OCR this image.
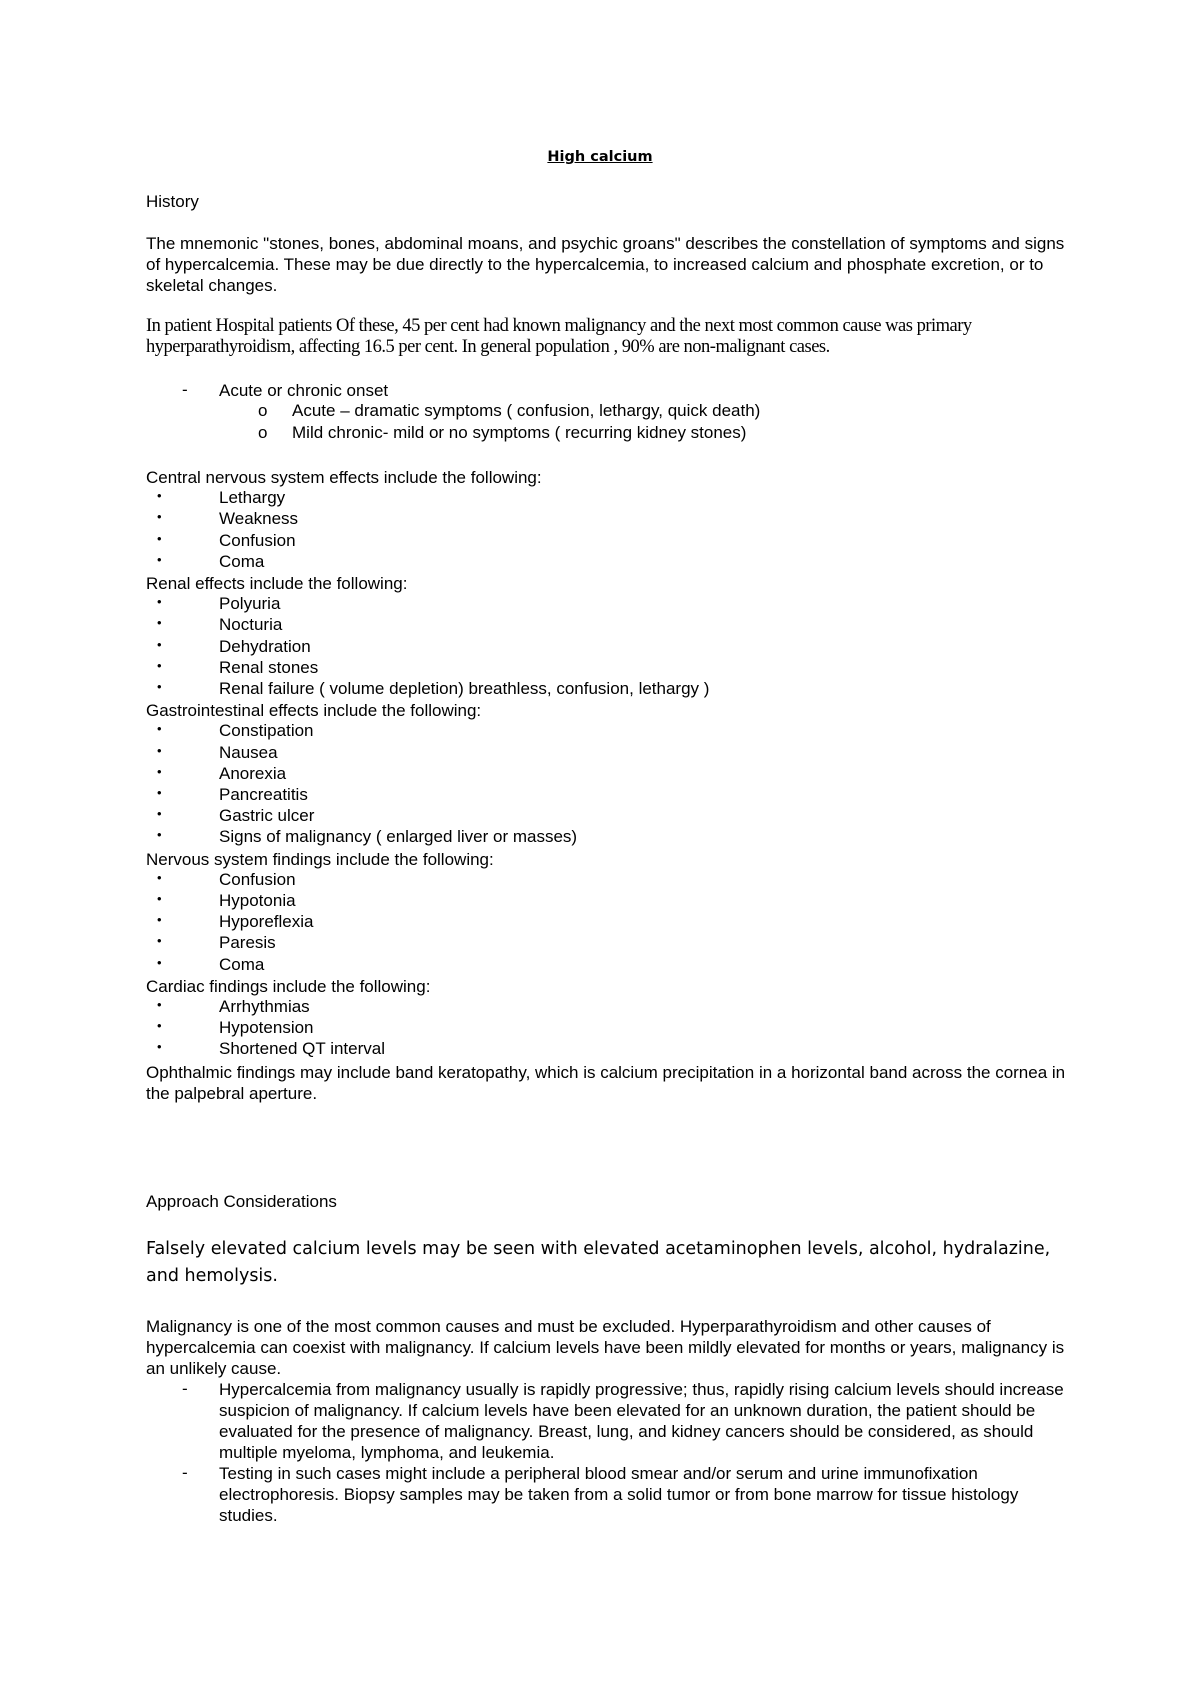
High calcium
History
The mnemonic "stones, bones, abdominal moans, and psychic groans" describes the constellation of symptoms and signs of hypercalcemia. These may be due directly to the hypercalcemia, to increased calcium and phosphate excretion, or to skeletal changes.
In patient Hospital patients Of these, 45 per cent had known malignancy and the next most common cause was primary hyperparathyroidism, affecting 16.5 per cent. In general population , 90% are non-malignant cases.
- Acute or chronic onset
o Acute – dramatic symptoms ( confusion, lethargy, quick death)
o Mild chronic- mild or no symptoms ( recurring kidney stones)
Central nervous system effects include the following:
•	Lethargy
•	Weakness
•	Confusion
•	Coma
Renal effects include the following:
•	Polyuria
•	Nocturia
•	Dehydration
•	Renal stones
•	Renal failure ( volume depletion) breathless, confusion, lethargy )
Gastrointestinal effects include the following:
•	Constipation
•	Nausea
•	Anorexia
•	Pancreatitis
•	Gastric ulcer
•	Signs of malignancy ( enlarged liver or masses)
Nervous system findings include the following:
•	Confusion
•	Hypotonia
•	Hyporeflexia
•	Paresis
•	Coma
Cardiac findings include the following:
•	Arrhythmias
•	Hypotension
•	Shortened QT interval
Ophthalmic findings may include band keratopathy, which is calcium precipitation in a horizontal band across the cornea in the palpebral aperture.
Approach Considerations
Falsely elevated calcium levels may be seen with elevated acetaminophen levels, alcohol, hydralazine, and hemolysis.
Malignancy is one of the most common causes and must be excluded. Hyperparathyroidism and other causes of hypercalcemia can coexist with malignancy. If calcium levels have been mildly elevated for months or years, malignancy is an unlikely cause.
- Hypercalcemia from malignancy usually is rapidly progressive; thus, rapidly rising calcium levels should increase suspicion of malignancy. If calcium levels have been elevated for an unknown duration, the patient should be evaluated for the presence of malignancy. Breast, lung, and kidney cancers should be considered, as should multiple myeloma, lymphoma, and leukemia.
- Testing in such cases might include a peripheral blood smear and/or serum and urine immunofixation electrophoresis. Biopsy samples may be taken from a solid tumor or from bone marrow for tissue histology studies.
